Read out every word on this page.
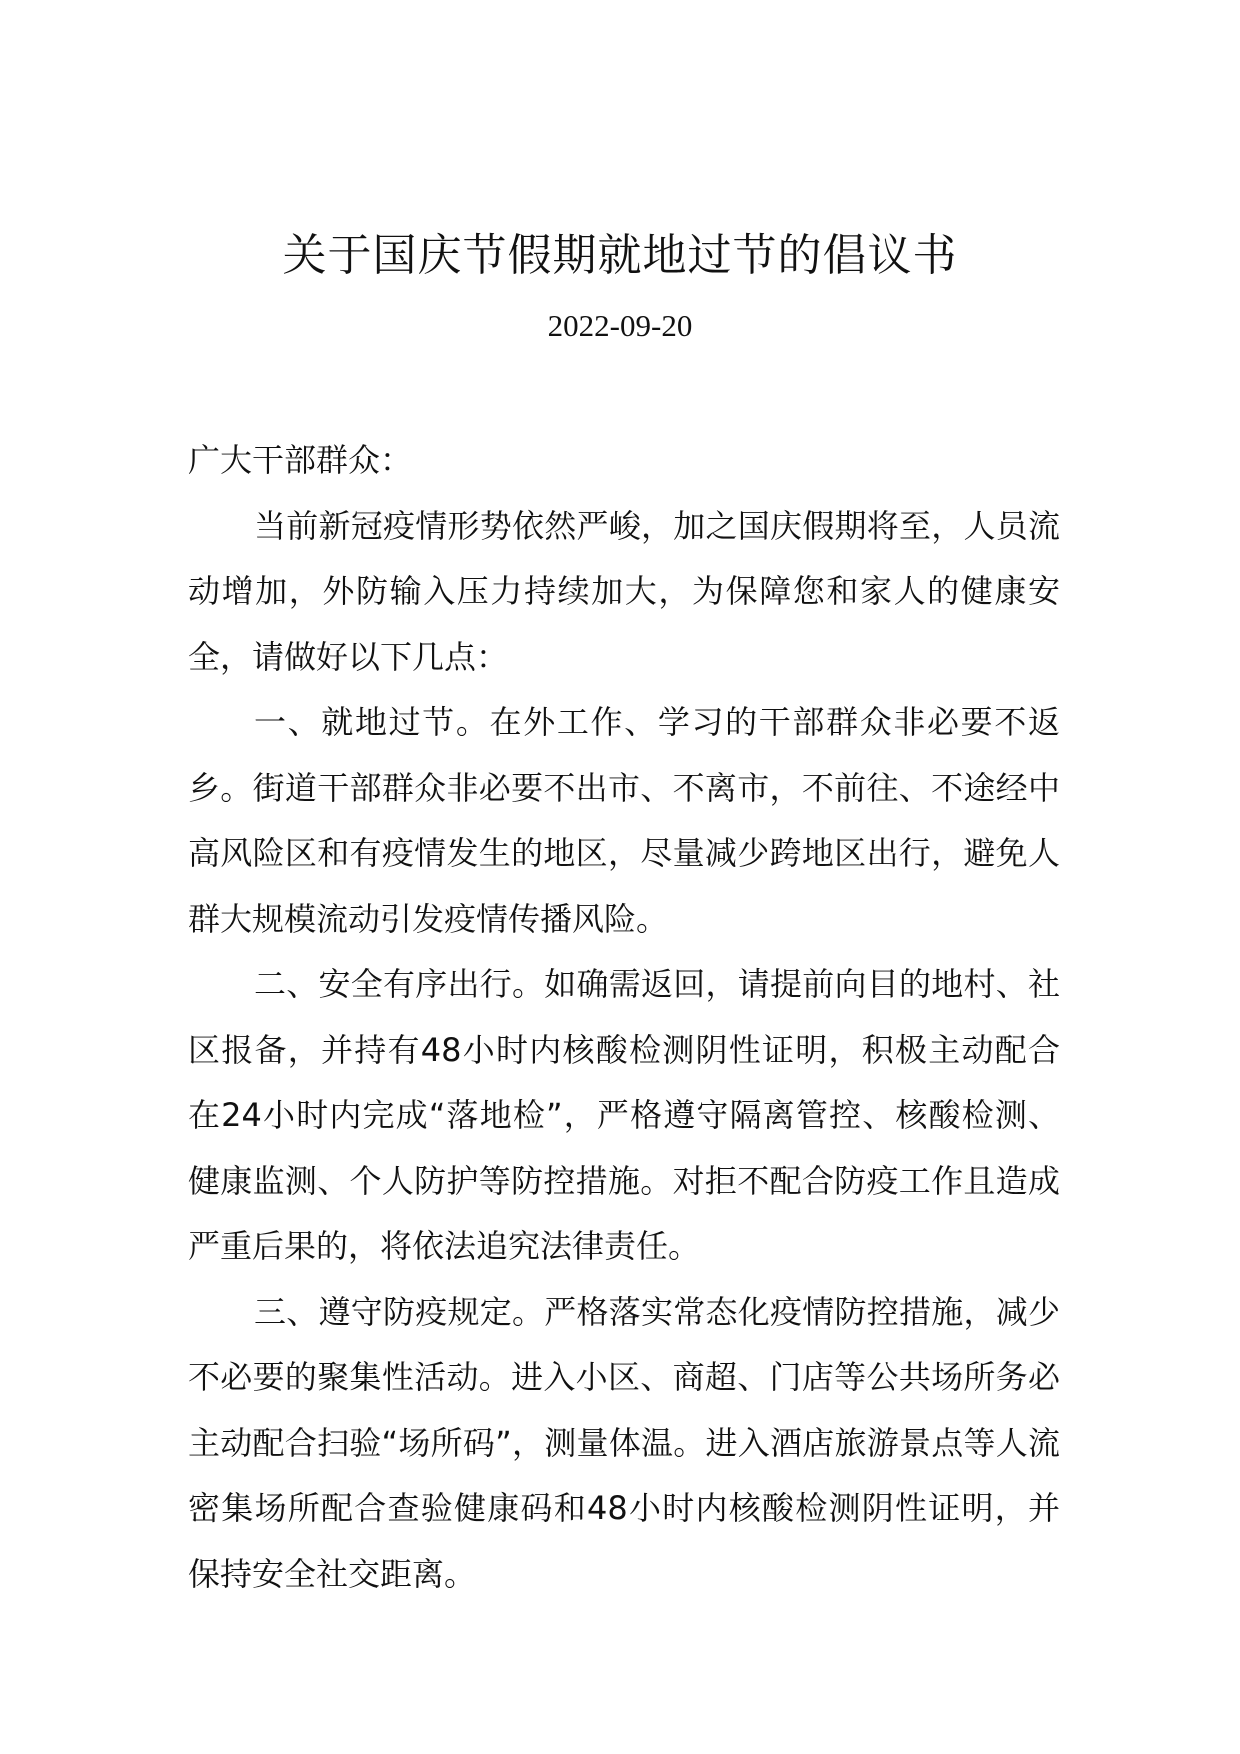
关于国庆节假期就地过节的倡议书
2022-09-20

广大干部群众：

当前新冠疫情形势依然严峻，加之国庆假期将至，人员流动增加，外防输入压力持续加大，为保障您和家人的健康安全，请做好以下几点：

一、就地过节。在外工作、学习的干部群众非必要不返乡。街道干部群众非必要不出市、不离市，不前往、不途经中高风险区和有疫情发生的地区，尽量减少跨地区出行，避免人群大规模流动引发疫情传播风险。

二、安全有序出行。如确需返回，请提前向目的地村、社区报备，并持有48小时内核酸检测阴性证明，积极主动配合在24小时内完成“落地检”，严格遵守隔离管控、核酸检测、健康监测、个人防护等防控措施。对拒不配合防疫工作且造成严重后果的，将依法追究法律责任。

三、遵守防疫规定。严格落实常态化疫情防控措施，减少不必要的聚集性活动。进入小区、商超、门店等公共场所务必主动配合扫验“场所码”，测量体温。进入酒店旅游景点等人流密集场所配合查验健康码和48小时内核酸检测阴性证明，并保持安全社交距离。
